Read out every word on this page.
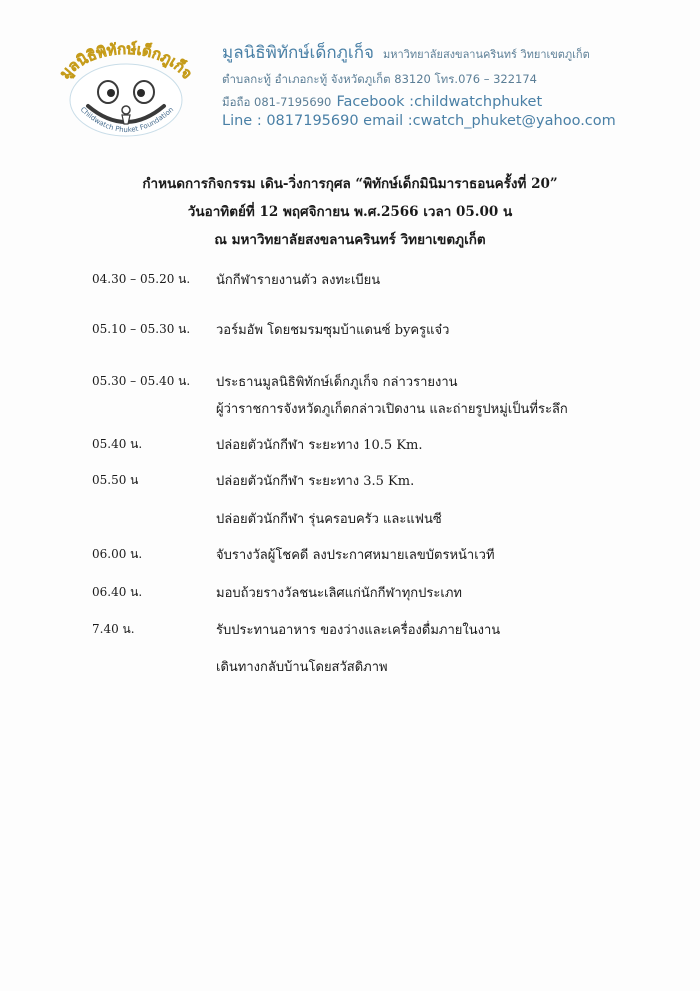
มูลนิธิพิทักษ์เด็กภูเก็จ
Childwatch Phuket Foundation
มูลนิธิพิทักษ์เด็กภูเก็จ มหาวิทยาลัยสงขลานครินทร์ วิทยาเขตภูเก็ต
ตำบลกะทู้ อำเภอกะทู้ จังหวัดภูเก็ต 83120 โทร.076 – 322174
มือถือ 081-7195690 Facebook :childwatchphuket
Line : 0817195690 email :cwatch_phuket@yahoo.com
กำหนดการกิจกรรม เดิน-วิ่งการกุศล “พิทักษ์เด็กมินิมาราธอนครั้งที่ 20”
วันอาทิตย์ที่ 12 พฤศจิกายน พ.ศ.2566 เวลา 05.00 น
ณ มหาวิทยาลัยสงขลานครินทร์ วิทยาเขตภูเก็ต
04.30 – 05.20 น. นักกีฬารายงานตัว ลงทะเบียน
05.10 – 05.30 น. วอร์มอัพ โดยชมรมซุมบ้าแดนซ์ byครูแจ๋ว
05.30 – 05.40 น. ประธานมูลนิธิพิทักษ์เด็กภูเก็จ กล่าวรายงาน
ผู้ว่าราชการจังหวัดภูเก็ตกล่าวเปิดงาน และถ่ายรูปหมู่เป็นที่ระลึก
05.40 น.	ปล่อยตัวนักกีฬา ระยะทาง 10.5 Km.
05.50 น	ปล่อยตัวนักกีฬา ระยะทาง 3.5 Km.
ปล่อยตัวนักกีฬา รุ่นครอบครัว และแฟนซี
06.00 น.	จับรางวัลผู้โชคดี ลงประกาศหมายเลขบัตรหน้าเวที
06.40 น.	มอบถ้วยรางวัลชนะเลิศแก่นักกีฬาทุกประเภท
7.40 น.	รับประทานอาหาร ของว่างและเครื่องดื่มภายในงาน
เดินทางกลับบ้านโดยสวัสดิภาพ
